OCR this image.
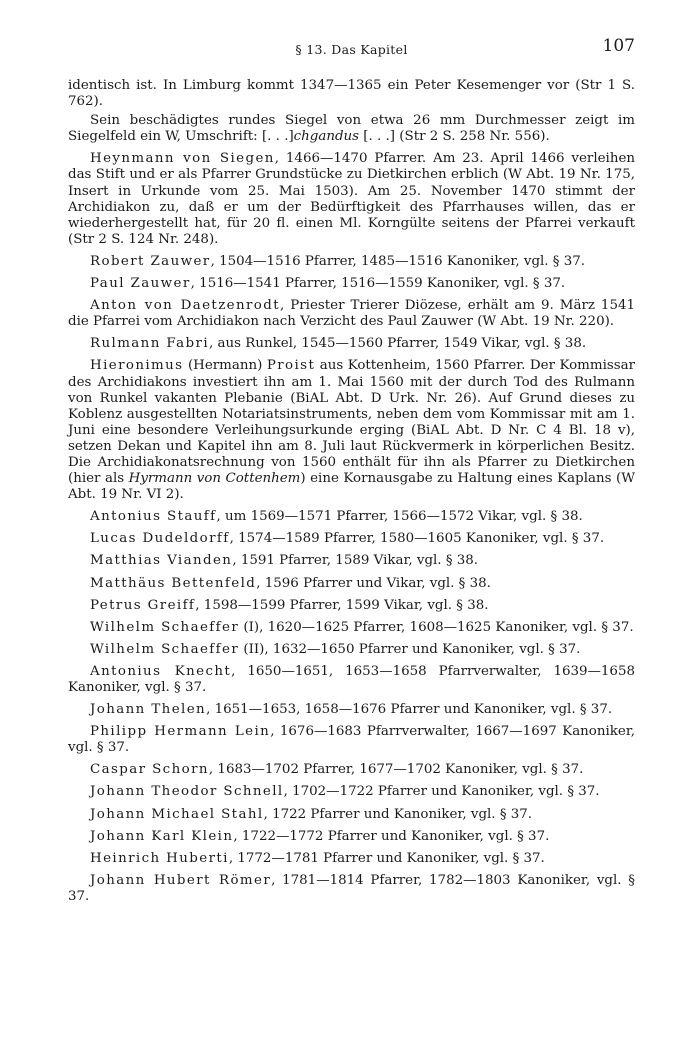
§ 13. Das Kapitel	107

identisch ist. In Limburg kommt 1347—1365 ein Peter Kesemenger vor (Str 1 S. 762).

Sein beschädigtes rundes Siegel von etwa 26 mm Durchmesser zeigt im Siegelfeld ein W, Umschrift: [. . .]chgandus [. . .] (Str 2 S. 258 Nr. 556).

Heynmann von Siegen, 1466—1470 Pfarrer. Am 23. April 1466 verleihen das Stift und er als Pfarrer Grundstücke zu Dietkirchen erblich (W Abt. 19 Nr. 175, Insert in Urkunde vom 25. Mai 1503). Am 25. November 1470 stimmt der Archidiakon zu, daß er um der Bedürftigkeit des Pfarrhauses willen, das er wiederhergestellt hat, für 20 fl. einen Ml. Korngülte seitens der Pfarrei verkauft (Str 2 S. 124 Nr. 248).

Robert Zauwer, 1504—1516 Pfarrer, 1485—1516 Kanoniker, vgl. § 37.

Paul Zauwer, 1516—1541 Pfarrer, 1516—1559 Kanoniker, vgl. § 37.

Anton von Daetzenrodt, Priester Trierer Diözese, erhält am 9. März 1541 die Pfarrei vom Archidiakon nach Verzicht des Paul Zauwer (W Abt. 19 Nr. 220).

Rulmann Fabri, aus Runkel, 1545—1560 Pfarrer, 1549 Vikar, vgl. § 38.

Hieronimus (Hermann) Proist aus Kottenheim, 1560 Pfarrer. Der Kommissar des Archidiakons investiert ihn am 1. Mai 1560 mit der durch Tod des Rulmann von Runkel vakanten Plebanie (BiAL Abt. D Urk. Nr. 26). Auf Grund dieses zu Koblenz ausgestellten Notariatsinstruments, neben dem vom Kommissar mit am 1. Juni eine besondere Verleihungsurkunde erging (BiAL Abt. D Nr. C 4 Bl. 18 v), setzen Dekan und Kapitel ihn am 8. Juli laut Rückvermerk in körperlichen Besitz. Die Archidiakonatsrechnung von 1560 enthält für ihn als Pfarrer zu Dietkirchen (hier als Hyrmann von Cottenhem) eine Kornausgabe zu Haltung eines Kaplans (W Abt. 19 Nr. VI 2).

Antonius Stauff, um 1569—1571 Pfarrer, 1566—1572 Vikar, vgl. § 38.

Lucas Dudeldorff, 1574—1589 Pfarrer, 1580—1605 Kanoniker, vgl. § 37.

Matthias Vianden, 1591 Pfarrer, 1589 Vikar, vgl. § 38.

Matthäus Bettenfeld, 1596 Pfarrer und Vikar, vgl. § 38.

Petrus Greiff, 1598—1599 Pfarrer, 1599 Vikar, vgl. § 38.

Wilhelm Schaeffer (I), 1620—1625 Pfarrer, 1608—1625 Kanoniker, vgl. § 37.

Wilhelm Schaeffer (II), 1632—1650 Pfarrer und Kanoniker, vgl. § 37.

Antonius Knecht, 1650—1651, 1653—1658 Pfarrverwalter, 1639—1658 Kanoniker, vgl. § 37.

Johann Thelen, 1651—1653, 1658—1676 Pfarrer und Kanoniker, vgl. § 37.

Philipp Hermann Lein, 1676—1683 Pfarrverwalter, 1667—1697 Kanoniker, vgl. § 37.

Caspar Schorn, 1683—1702 Pfarrer, 1677—1702 Kanoniker, vgl. § 37.

Johann Theodor Schnell, 1702—1722 Pfarrer und Kanoniker, vgl. § 37.

Johann Michael Stahl, 1722 Pfarrer und Kanoniker, vgl. § 37.

Johann Karl Klein, 1722—1772 Pfarrer und Kanoniker, vgl. § 37.

Heinrich Huberti, 1772—1781 Pfarrer und Kanoniker, vgl. § 37.

Johann Hubert Römer, 1781—1814 Pfarrer, 1782—1803 Kanoniker, vgl. § 37.
